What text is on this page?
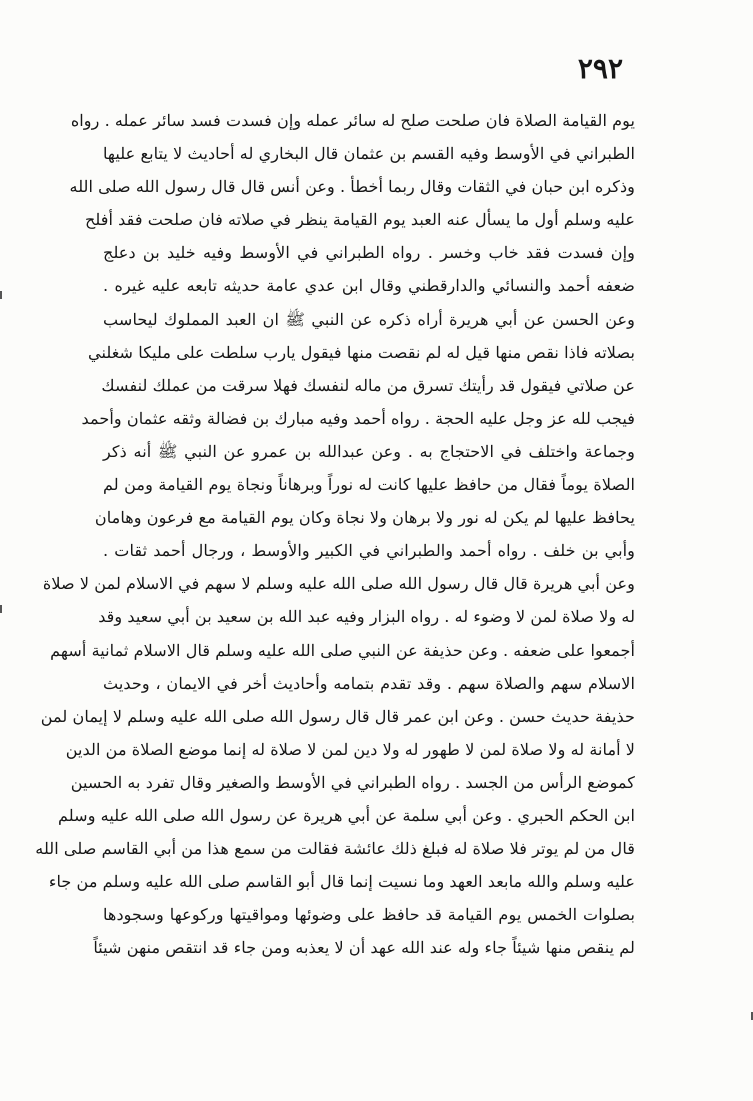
٢٩٢
يوم القيامة الصلاة فان صلحت صلح له سائر عمله وإن فسدت فسد سائر عمله . رواه
الطبراني في الأوسط وفيه القسم بن عثمان قال البخاري له أحاديث لا يتابع عليها
وذكره ابن حبان في الثقات وقال ربما أخطأ . وعن أنس قال قال رسول الله صلى الله
عليه وسلم أول ما يسأل عنه العبد يوم القيامة ينظر في صلاته فان صلحت فقد أفلح
وإن فسدت فقد خاب وخسر . رواه الطبراني في الأوسط وفيه خليد بن دعلج
ضعفه أحمد والنسائي والدارقطني وقال ابن عدي عامة حديثه تابعه عليه غيره .
وعن الحسن عن أبي هريرة أراه ذكره عن النبي ﷺ ان العبد المملوك ليحاسب
بصلاته فاذا نقص منها قيل له لم نقصت منها فيقول يارب سلطت على مليكا شغلني
عن صلاتي فيقول قد رأيتك تسرق من ماله لنفسك فهلا سرقت من عملك لنفسك
فيجب لله عز وجل عليه الحجة . رواه أحمد وفيه مبارك بن فضالة وثقه عثمان وأحمد
وجماعة واختلف في الاحتجاج به . وعن عبدالله بن عمرو عن النبي ﷺ أنه ذكر
الصلاة يوماً فقال من حافظ عليها كانت له نوراً وبرهاناً ونجاة يوم القيامة ومن لم
يحافظ عليها لم يكن له نور ولا برهان ولا نجاة وكان يوم القيامة مع فرعون وهامان
وأبي بن خلف . رواه أحمد والطبراني في الكبير والأوسط ، ورجال أحمد ثقات .
وعن أبي هريرة قال قال رسول الله صلى الله عليه وسلم لا سهم في الاسلام لمن لا صلاة
له ولا صلاة لمن لا وضوء له . رواه البزار وفيه عبد الله بن سعيد بن أبي سعيد وقد
أجمعوا على ضعفه . وعن حذيفة عن النبي صلى الله عليه وسلم قال الاسلام ثمانية أسهم
الاسلام سهم والصلاة سهم . وقد تقدم بتمامه وأحاديث أخر في الايمان ، وحديث
حذيفة حديث حسن . وعن ابن عمر قال قال رسول الله صلى الله عليه وسلم لا إيمان لمن
لا أمانة له ولا صلاة لمن لا طهور له ولا دين لمن لا صلاة له إنما موضع الصلاة من الدين
كموضع الرأس من الجسد . رواه الطبراني في الأوسط والصغير وقال تفرد به الحسين
ابن الحكم الحبري . وعن أبي سلمة عن أبي هريرة عن رسول الله صلى الله عليه وسلم
قال من لم يوتر فلا صلاة له فبلغ ذلك عائشة فقالت من سمع هذا من أبي القاسم صلى الله
عليه وسلم والله مابعد العهد وما نسيت إنما قال أبو القاسم صلى الله عليه وسلم من جاء
بصلوات الخمس يوم القيامة قد حافظ على وضوئها ومواقيتها وركوعها وسجودها
لم ينقص منها شيئاً جاء وله عند الله عهد أن لا يعذبه ومن جاء قد انتقص منهن شيئاً
